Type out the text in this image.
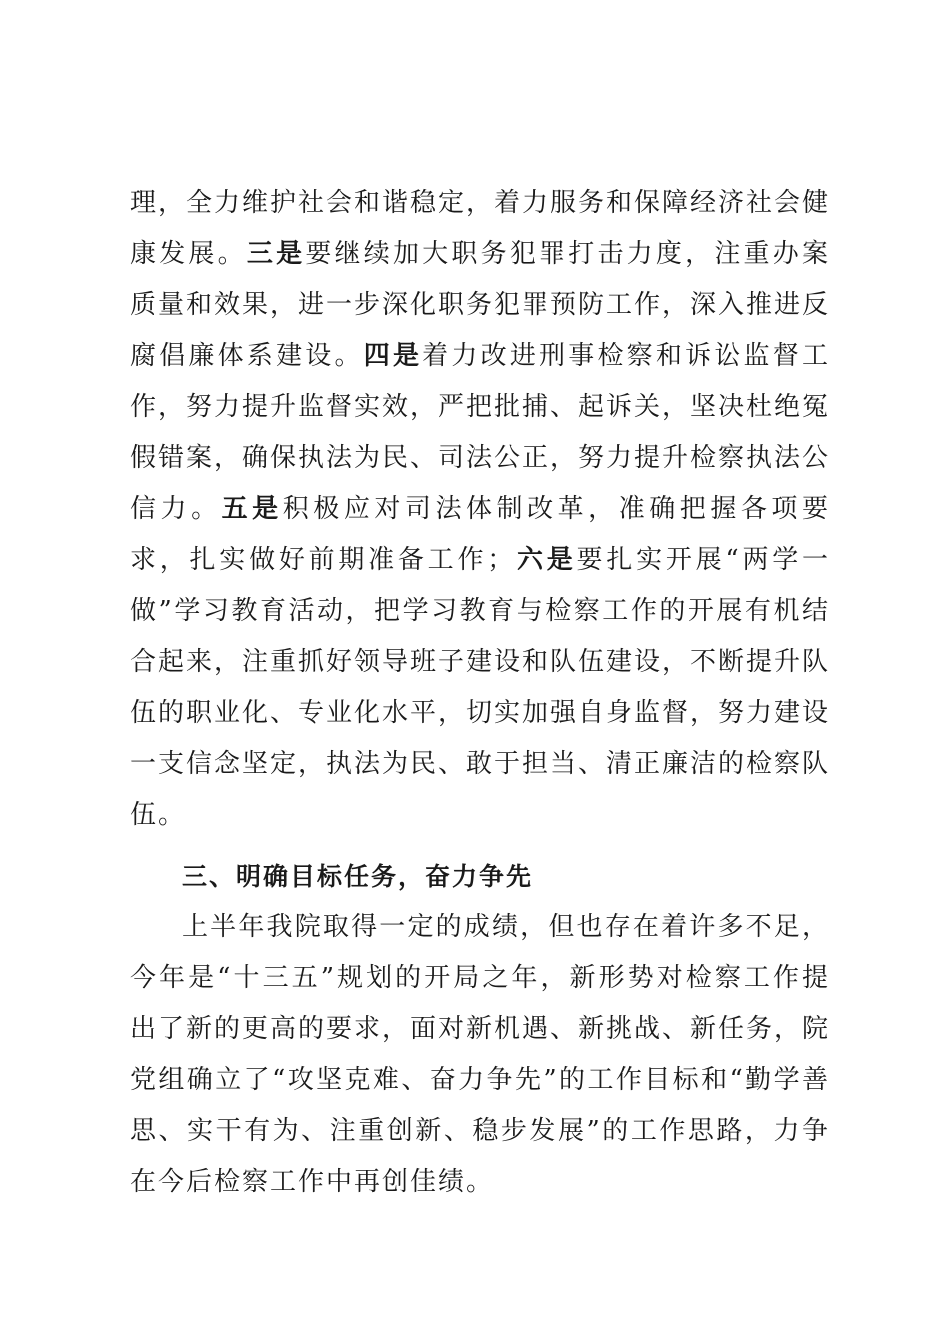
理，全力维护社会和谐稳定，着力服务和保障经济社会健康发展。三是要继续加大职务犯罪打击力度，注重办案质量和效果，进一步深化职务犯罪预防工作，深入推进反腐倡廉体系建设。四是着力改进刑事检察和诉讼监督工作，努力提升监督实效，严把批捕、起诉关，坚决杜绝冤假错案，确保执法为民、司法公正，努力提升检察执法公信力。五是积极应对司法体制改革，准确把握各项要求，扎实做好前期准备工作；六是要扎实开展“两学一做”学习教育活动，把学习教育与检察工作的开展有机结合起来，注重抓好领导班子建设和队伍建设，不断提升队伍的职业化、专业化水平，切实加强自身监督，努力建设一支信念坚定，执法为民、敢于担当、清正廉洁的检察队伍。

三、明确目标任务，奋力争先

上半年我院取得一定的成绩，但也存在着许多不足，今年是“十三五”规划的开局之年，新形势对检察工作提出了新的更高的要求，面对新机遇、新挑战、新任务，院党组确立了“攻坚克难、奋力争先”的工作目标和“勤学善思、实干有为、注重创新、稳步发展”的工作思路，力争在今后检察工作中再创佳绩。
